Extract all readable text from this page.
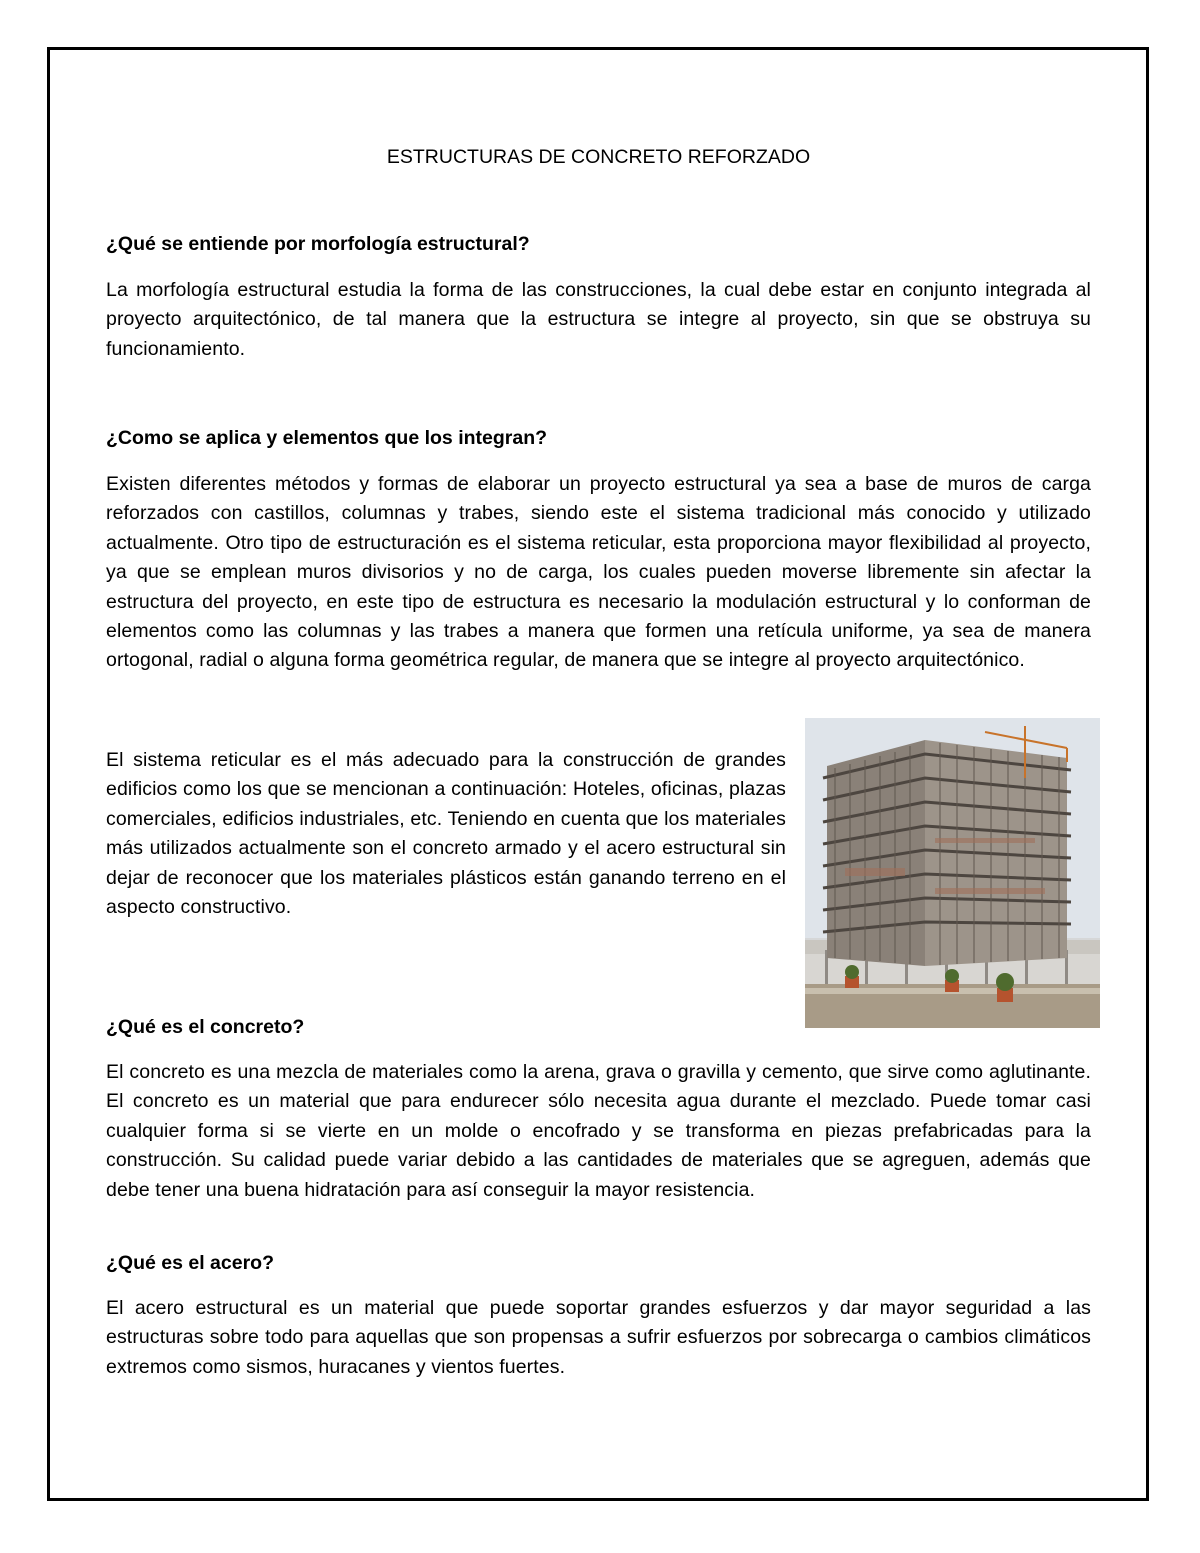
ESTRUCTURAS DE CONCRETO REFORZADO
¿Qué se entiende por morfología estructural?

La morfología estructural estudia la forma de las construcciones, la cual debe estar en conjunto integrada al proyecto arquitectónico, de tal manera que la estructura se integre al proyecto, sin que se obstruya su funcionamiento.

¿Como se aplica y elementos que los integran?

Existen diferentes métodos y formas de elaborar un proyecto estructural ya sea a base de muros de carga reforzados con castillos, columnas y trabes, siendo este el sistema tradicional más conocido y utilizado actualmente. Otro tipo de estructuración es el sistema reticular, esta proporciona mayor flexibilidad al proyecto, ya que se emplean muros divisorios y no de carga, los cuales pueden moverse libremente sin afectar la estructura del proyecto, en este tipo de estructura es necesario la modulación estructural y lo conforman de elementos como las columnas y las trabes a manera que formen una retícula uniforme, ya sea de manera ortogonal, radial o alguna forma geométrica regular, de manera que se integre al proyecto arquitectónico.

El sistema reticular es el más adecuado para la construcción de grandes edificios como los que se mencionan a continuación: Hoteles, oficinas, plazas comerciales, edificios industriales, etc. Teniendo en cuenta que los materiales más utilizados actualmente son el concreto armado y el acero estructural sin dejar de reconocer que los materiales plásticos están ganando terreno en el aspecto constructivo.

¿Qué es el concreto?

El concreto es una mezcla de materiales como la arena, grava o gravilla y cemento, que sirve como aglutinante. El concreto es un material que para endurecer sólo necesita agua durante el mezclado. Puede tomar casi cualquier forma si se vierte en un molde o encofrado y se transforma en piezas prefabricadas para la construcción. Su calidad puede variar debido a las cantidades de materiales que se agreguen, además que debe tener una buena hidratación para así conseguir la mayor resistencia.

¿Qué es el acero?

El acero estructural es un material que puede soportar grandes esfuerzos y dar mayor seguridad a las estructuras sobre todo para aquellas que son propensas a sufrir esfuerzos por sobrecarga o cambios climáticos extremos como sismos, huracanes y vientos fuertes.
